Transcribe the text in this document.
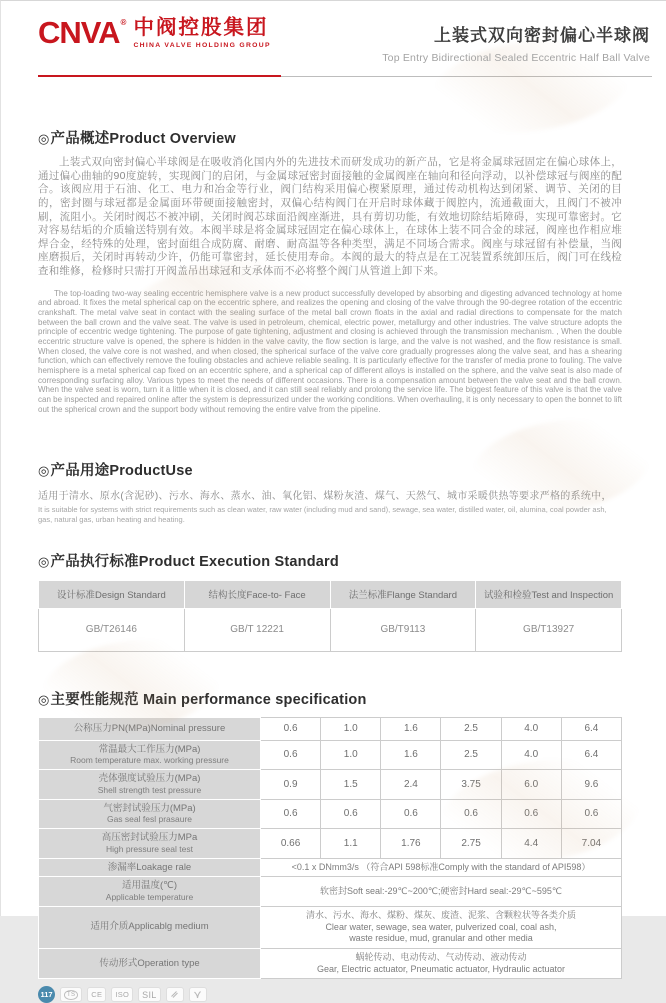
CNVA ® 中阀控股集团
CHINA VALVE HOLDING GROUP
上装式双向密封偏心半球阀
Top Entry Bidirectional Sealed Eccentric Half Ball Valve
◎产品概述Product Overview

上装式双向密封偏心半球阀是在吸收消化国内外的先进技术而研发成功的新产品，它是将金属球冠固定在偏心球体上，通过偏心曲轴的90度旋转，实现阀门的启闭，与金属球冠密封面接触的金属阀座在轴向和径向浮动，以补偿球冠与阀座的配合。该阀应用于石油、化工、电力和冶金等行业，阀门结构采用偏心楔紧原理，通过传动机构达到闭紧、调节、关闭的目的，密封圈与球冠都是金属面环带硬面接触密封，双偏心结构阀门在开启时球体藏于阀腔内，流通截面大，且阀门不被冲刷，流阻小。关闭时阀芯不被冲刷，关闭时阀芯球面沿阀座渐进，具有剪切功能，有效地切除结垢障碍，实现可靠密封。它对容易结垢的介质输送特别有效。本阀半球是将金属球冠固定在偏心球体上，在球体上装不同合金的球冠，阀座也作相应堆焊合金，经特殊的处理，密封面组合成防腐、耐磨、耐高温等各种类型，满足不同场合需求。阀座与球冠留有补偿量，当阀座磨损后，关闭时再转动少许，仍能可靠密封，延长使用寿命。本阀的最大的特点是在工况装置系统卸压后，阀门可在线检查和维修，检修时只需打开阀盖吊出球冠和支承体而不必将整个阀门从管道上卸下来。

The top-loading two-way sealing eccentric hemisphere valve is a new product successfully developed by absorbing and digesting advanced technology at home and abroad. It fixes the metal spherical cap on the eccentric sphere, and realizes the opening and closing of the valve through the 90-degree rotation of the eccentric crankshaft. The metal valve seat in contact with the sealing surface of the metal ball crown floats in the axial and radial directions to compensate for the match between the ball crown and the valve seat. The valve is used in petroleum, chemical, electric power, metallurgy and other industries. The valve structure adopts the principle of eccentric wedge tightening. The purpose of gate tightening, adjustment and closing is achieved through the transmission mechanism. , When the double eccentric structure valve is opened, the sphere is hidden in the valve cavity, the flow section is large, and the valve is not washed, and the flow resistance is small. When closed, the valve core is not washed, and when closed, the spherical surface of the valve core gradually progresses along the valve seat, and has a shearing function, which can effectively remove the fouling obstacles and achieve reliable sealing. It is particularly effective for the transfer of media prone to fouling. The valve hemisphere is a metal spherical cap fixed on an eccentric sphere, and a spherical cap of different alloys is installed on the sphere, and the valve seat is also made of corresponding surfacing alloy. Various types to meet the needs of different occasions. There is a compensation amount between the valve seat and the ball crown. When the valve seat is worn, turn it a little when it is closed, and it can still seal reliably and prolong the service life. The biggest feature of this valve is that the valve can be inspected and repaired online after the system is depressurized under the working conditions. When overhauling, it is only necessary to open the bonnet to lift out the spherical crown and the support body without removing the entire valve from the pipeline.

◎产品用途ProductUse
适用于清水、原水(含泥砂)、污水、海水、蒸水、油、氧化铝、煤粉灰渣、煤气、天然气、城市采暖供热等要求严格的系统中，
It is suitable for systems with strict requirements such as clean water, raw water (including mud and sand), sewage, sea water, distilled water, oil, alumina, coal powder ash, gas, natural gas, urban heating and heating.
◎产品执行标准Product Execution Standard
设计标准Design Standard	结构长度Face-to- Face	法兰标准Flange Standard	试验和检验Test and Inspection
GB/T26146	GB/T 12221	GB/T9113	GB/T13927
◎主要性能规范 Main performance specification
公称压力PN(MPa)Nominal pressure	0.6	1.0	1.6	2.5	4.0	6.4

常温最大工作压力(MPa)
Room temperature max. working pressure	0.6	1.0	1.6	2.5	4.0	6.4

壳体强度试验压力(MPa)
Shell strength test pressure	0.9	1.5	2.4	3.75	6.0	9.6

气密封试验压力(MPa)
Gas seal fesl prasaure	0.6	0.6	0.6	0.6	0.6	0.6

高压密封试验压力MPa
High pressure seal test	0.66	1.1	1.76	2.75	4.4	7.04

渗漏率Loakage rale	<0.1 x DNmm3/s （符合API 598标准Comply with the standard of API598）					

适用温度(℃)
Applicable temperature	软密封Soft seal:-29℃~200℃;硬密封Hard seal:-29℃~595℃					

适用介质Applicablg medium	清水、污水、海水、煤粉、煤灰、废渣、泥浆、含颗粒状等各类介质
Clear water, sewage, sea water, pulverized coal, coal ash,
waste residue, mud, granular and other media					

传动形式Operation type	蜗轮传动、电动传动、气动传动、液动传动
Gear, Electric actuator, Pneumatic actuator, Hydraulic actuator					
117	TS	CE	ISO	SIL
